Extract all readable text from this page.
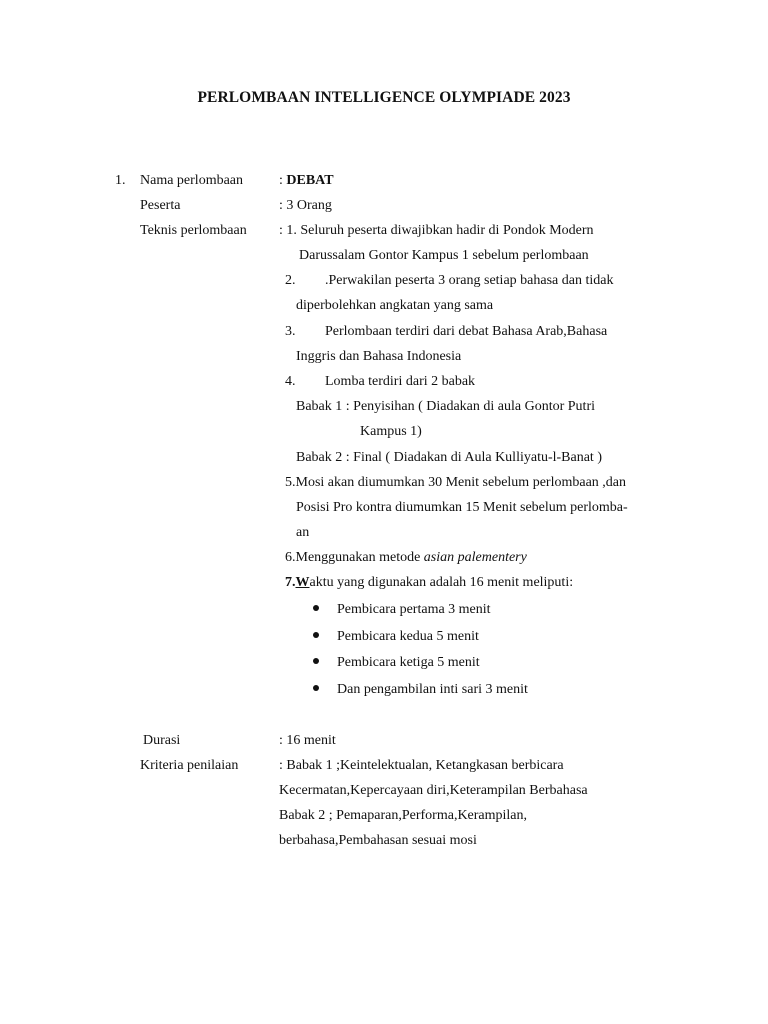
PERLOMBAAN INTELLIGENCE OLYMPIADE 2023
1. Nama perlombaan
Peserta
Teknis perlombaan
Durasi
Kriteria penilaian
: DEBAT
: 3 Orang
: 1. Seluruh peserta diwajibkan hadir di Pondok Modern
Darussalam Gontor Kampus 1 sebelum perlombaan
2. .Perwakilan peserta 3 orang setiap bahasa dan tidak
diperbolehkan angkatan yang sama
3. Perlombaan terdiri dari debat Bahasa Arab,Bahasa
Inggris dan Bahasa Indonesia
4. Lomba terdiri dari 2 babak
Babak 1 : Penyisihan ( Diadakan di aula Gontor Putri
Kampus 1)
Babak 2 : Final ( Diadakan di Aula Kulliyatu-l-Banat )
5.Mosi akan diumumkan 30 Menit sebelum perlombaan ,dan
Posisi Pro kontra diumumkan 15 Menit sebelum perlomba-
an
6.Menggunakan metode asian palementery
7.Waktu yang digunakan adalah 16 menit meliputi:
Pembicara pertama 3 menit
Pembicara kedua 5 menit
Pembicara ketiga 5 menit
Dan pengambilan inti sari 3 menit
: 16 menit
: Babak 1 ;Keintelektualan, Ketangkasan berbicara
Kecermatan,Kepercayaan diri,Keterampilan Berbahasa
Babak 2 ; Pemaparan,Performa,Kerampilan,
berbahasa,Pembahasan sesuai mosi
